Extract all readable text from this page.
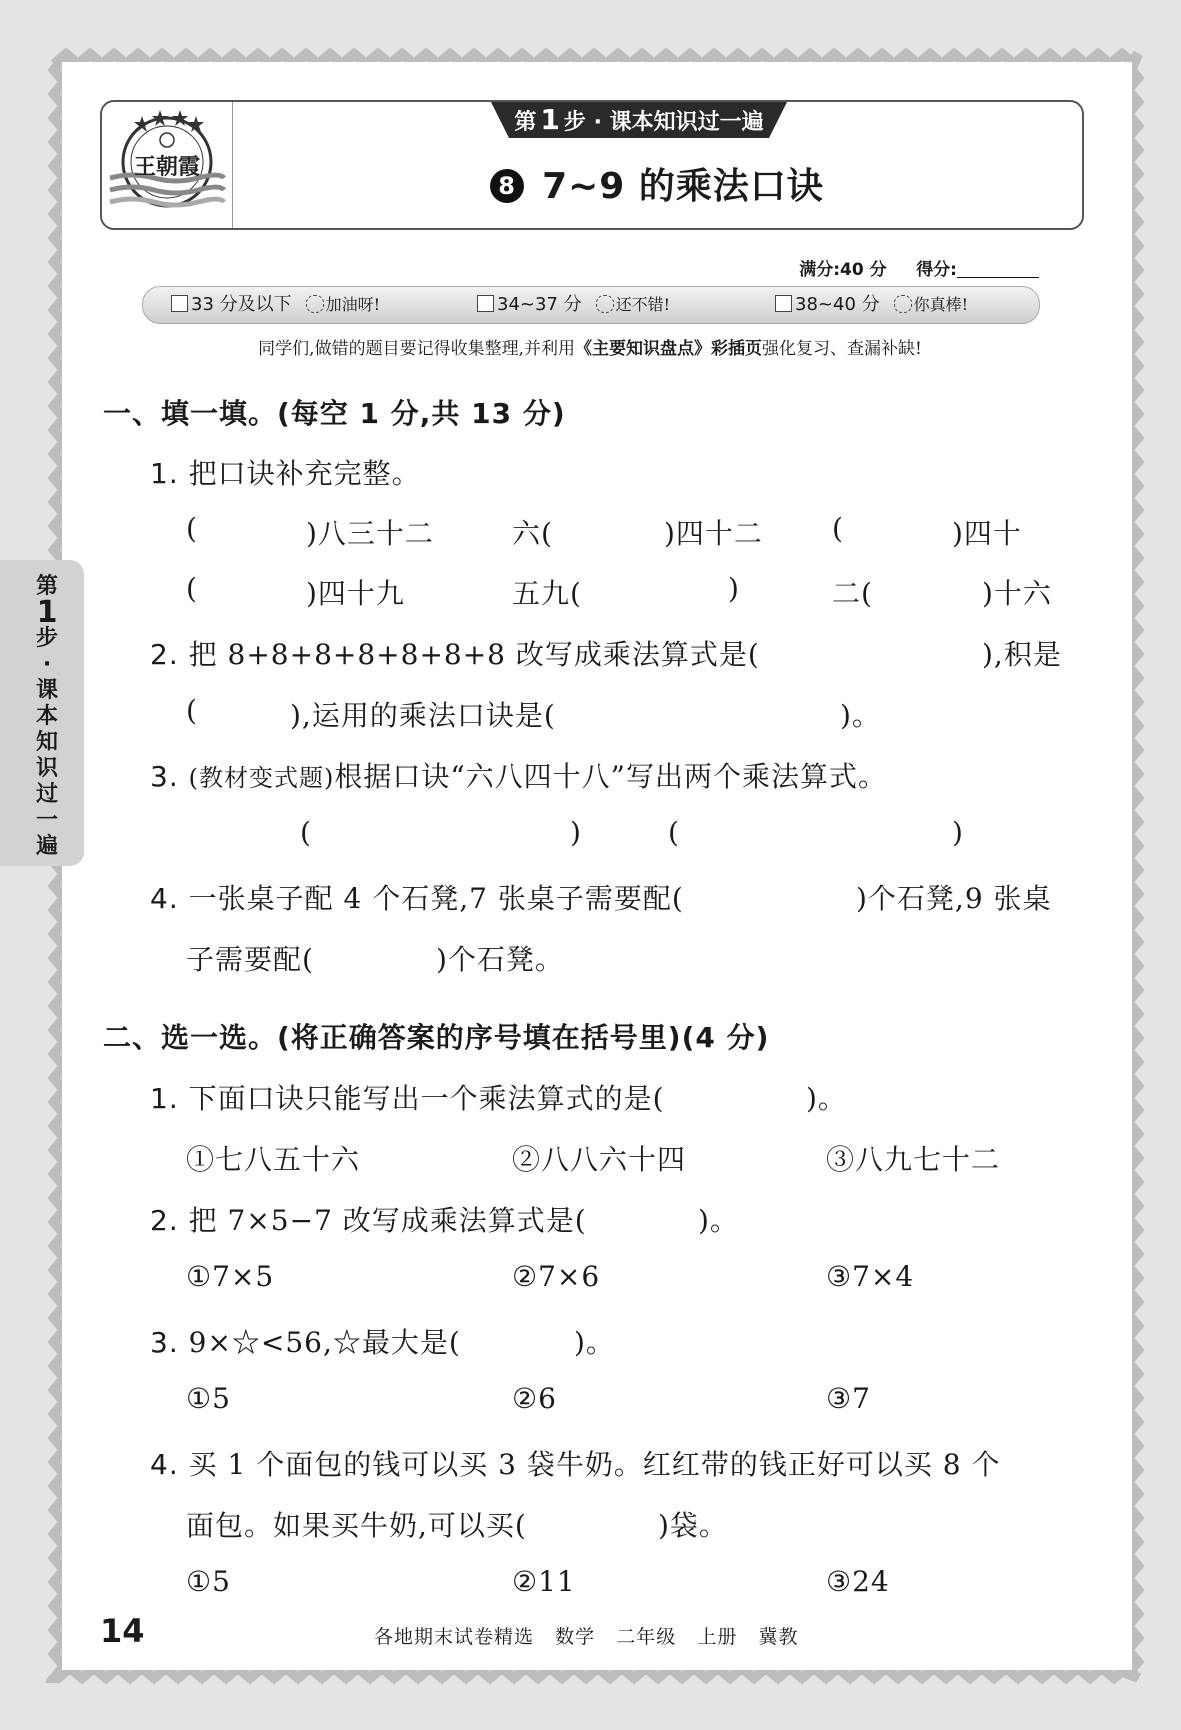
王朝霞
第 1 步 · 课本知识过一遍
8 7~9 的乘法口诀
满分:40 分 得分:
33 分及以下 加油呀!	34~37 分 还不错!	38~40 分 你真棒!
同学们,做错的题目要记得收集整理,并利用《主要知识盘点》彩插页强化复习、查漏补缺!
一、填一填。(每空 1 分,共 13 分)
1. 把口诀补充完整。
(	)八三十二	六(	)四十二 (	)四十
(	)四十九	五九(	)	二(	)十六
2. 把 8+8+8+8+8+8+8 改写成乘法算式是(	),积是
(	),运用的乘法口诀是(	)。
3. (教材变式题)根据口诀“六八四十八”写出两个乘法算式。
(	)	(	)
4. 一张桌子配 4 个石凳,7 张桌子需要配(	)个石凳,9 张桌
子需要配(	)个石凳。
二、选一选。(将正确答案的序号填在括号里)(4 分)
1. 下面口诀只能写出一个乘法算式的是(	)。
①七八五十六	②八八六十四	③八九七十二
2. 把 7×5−7 改写成乘法算式是(	)。
①7×5	②7×6	③7×4
3. 9×☆<56,☆最大是(	)。
①5	②6	③7
4. 买 1 个面包的钱可以买 3 袋牛奶。红红带的钱正好可以买 8 个
面包。如果买牛奶,可以买(	)袋。
①5	②11	③24
第
1
步
·
课
本
知
识
过
一
遍
14	各地期末试卷精选   数学   二年级   上册   冀教
